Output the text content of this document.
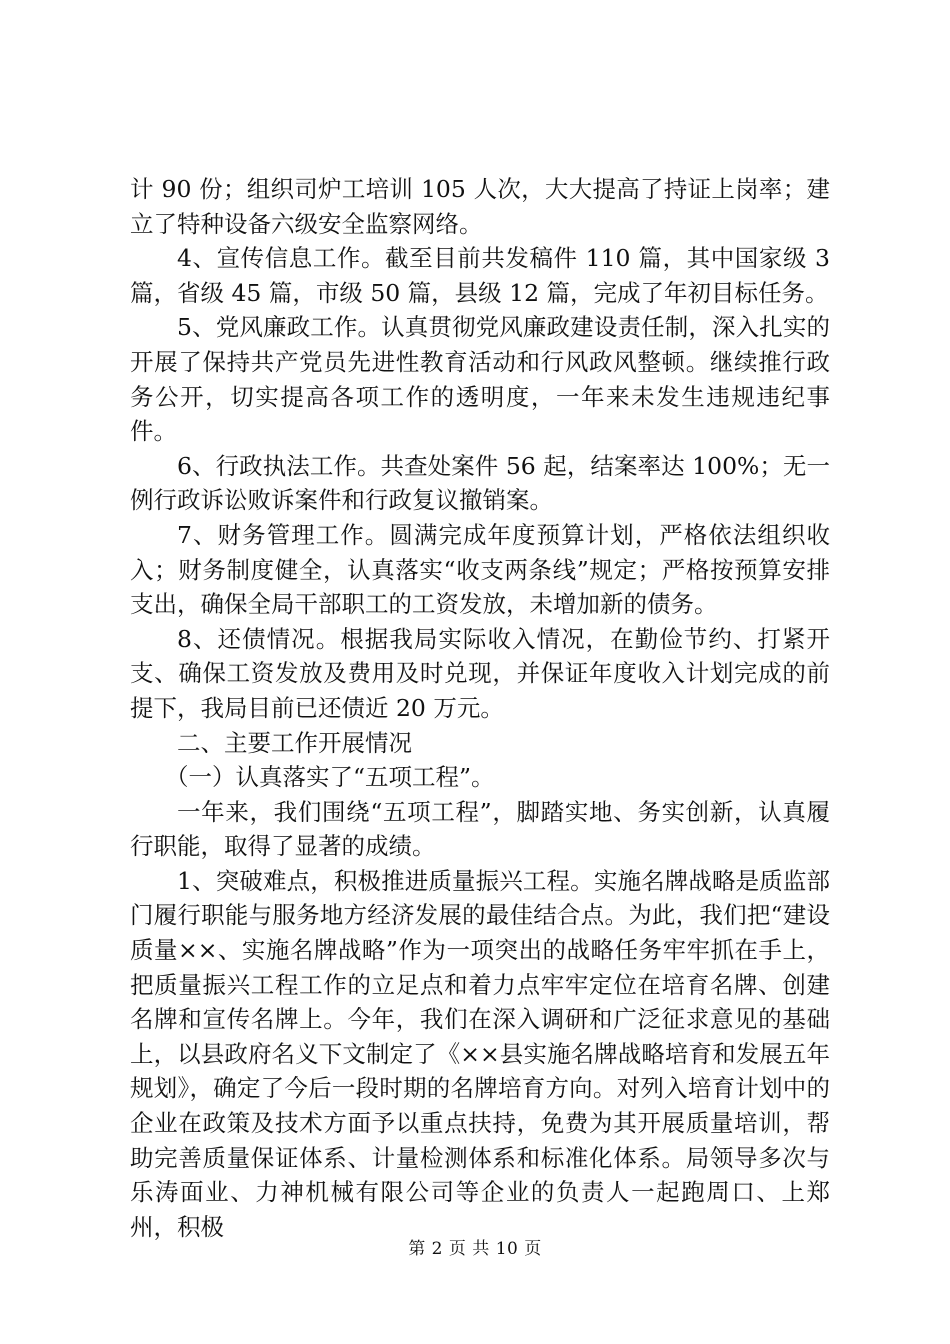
计 90 份；组织司炉工培训 105 人次，大大提高了持证上岗率；建立了特种设备六级安全监察网络。

4、宣传信息工作。截至目前共发稿件 110 篇，其中国家级 3 篇，省级 45 篇，市级 50 篇，县级 12 篇，完成了年初目标任务。

5、党风廉政工作。认真贯彻党风廉政建设责任制，深入扎实的开展了保持共产党员先进性教育活动和行风政风整顿。继续推行政务公开，切实提高各项工作的透明度，一年来未发生违规违纪事件。

6、行政执法工作。共查处案件 56 起，结案率达 100%；无一例行政诉讼败诉案件和行政复议撤销案。

7、财务管理工作。圆满完成年度预算计划，严格依法组织收入；财务制度健全，认真落实“收支两条线”规定；严格按预算安排支出，确保全局干部职工的工资发放，未增加新的债务。

8、还债情况。根据我局实际收入情况，在勤俭节约、打紧开支、确保工资发放及费用及时兑现，并保证年度收入计划完成的前提下，我局目前已还债近 20 万元。

二、主要工作开展情况

（一）认真落实了“五项工程”。

一年来，我们围绕“五项工程”，脚踏实地、务实创新，认真履行职能，取得了显著的成绩。

1、突破难点，积极推进质量振兴工程。实施名牌战略是质监部门履行职能与服务地方经济发展的最佳结合点。为此，我们把“建设质量××、实施名牌战略”作为一项突出的战略任务牢牢抓在手上，把质量振兴工程工作的立足点和着力点牢牢定位在培育名牌、创建名牌和宣传名牌上。今年，我们在深入调研和广泛征求意见的基础上，以县政府名义下文制定了《××县实施名牌战略培育和发展五年规划》，确定了今后一段时期的名牌培育方向。对列入培育计划中的企业在政策及技术方面予以重点扶持，免费为其开展质量培训，帮助完善质量保证体系、计量检测体系和标准化体系。局领导多次与乐涛面业、力神机械有限公司等企业的负责人一起跑周口、上郑州，积极

第 2 页 共 10 页
